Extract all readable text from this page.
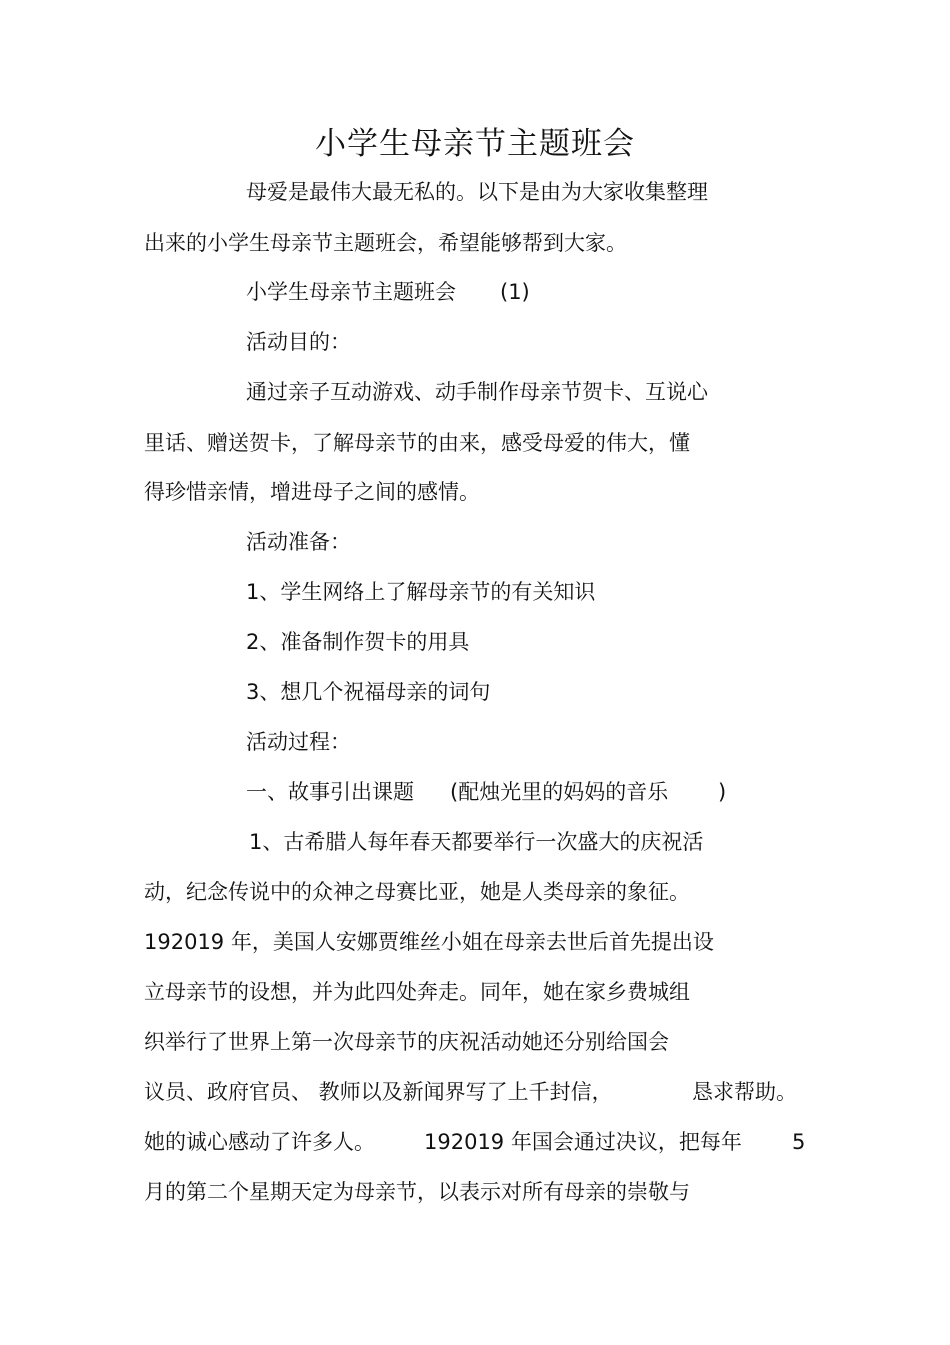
小学生母亲节主题班会
母爱是最伟大最无私的。以下是由为大家收集整理
出来的小学生母亲节主题班会，希望能够帮到大家。
小学生母亲节主题班会 (1)
活动目的：
通过亲子互动游戏、动手制作母亲节贺卡、互说心
里话、赠送贺卡，了解母亲节的由来，感受母爱的伟大，懂
得珍惜亲情，增进母子之间的感情。
活动准备：
1、学生网络上了解母亲节的有关知识
2、准备制作贺卡的用具
3、想几个祝福母亲的词句
活动过程：
一、故事引出课题 (配烛光里的妈妈的音乐 )
1、古希腊人每年春天都要举行一次盛大的庆祝活
动，纪念传说中的众神之母赛比亚，她是人类母亲的象征。
192019 年，美国人安娜贾维丝小姐在母亲去世后首先提出设
立母亲节的设想，并为此四处奔走。同年，她在家乡费城组
织举行了世界上第一次母亲节的庆祝活动她还分别给国会
议员、政府官员、 教师以及新闻界写了上千封信，	恳求帮助。
她的诚心感动了许多人。 192019 年国会通过决议，把每年 5
月的第二个星期天定为母亲节，以表示对所有母亲的崇敬与
